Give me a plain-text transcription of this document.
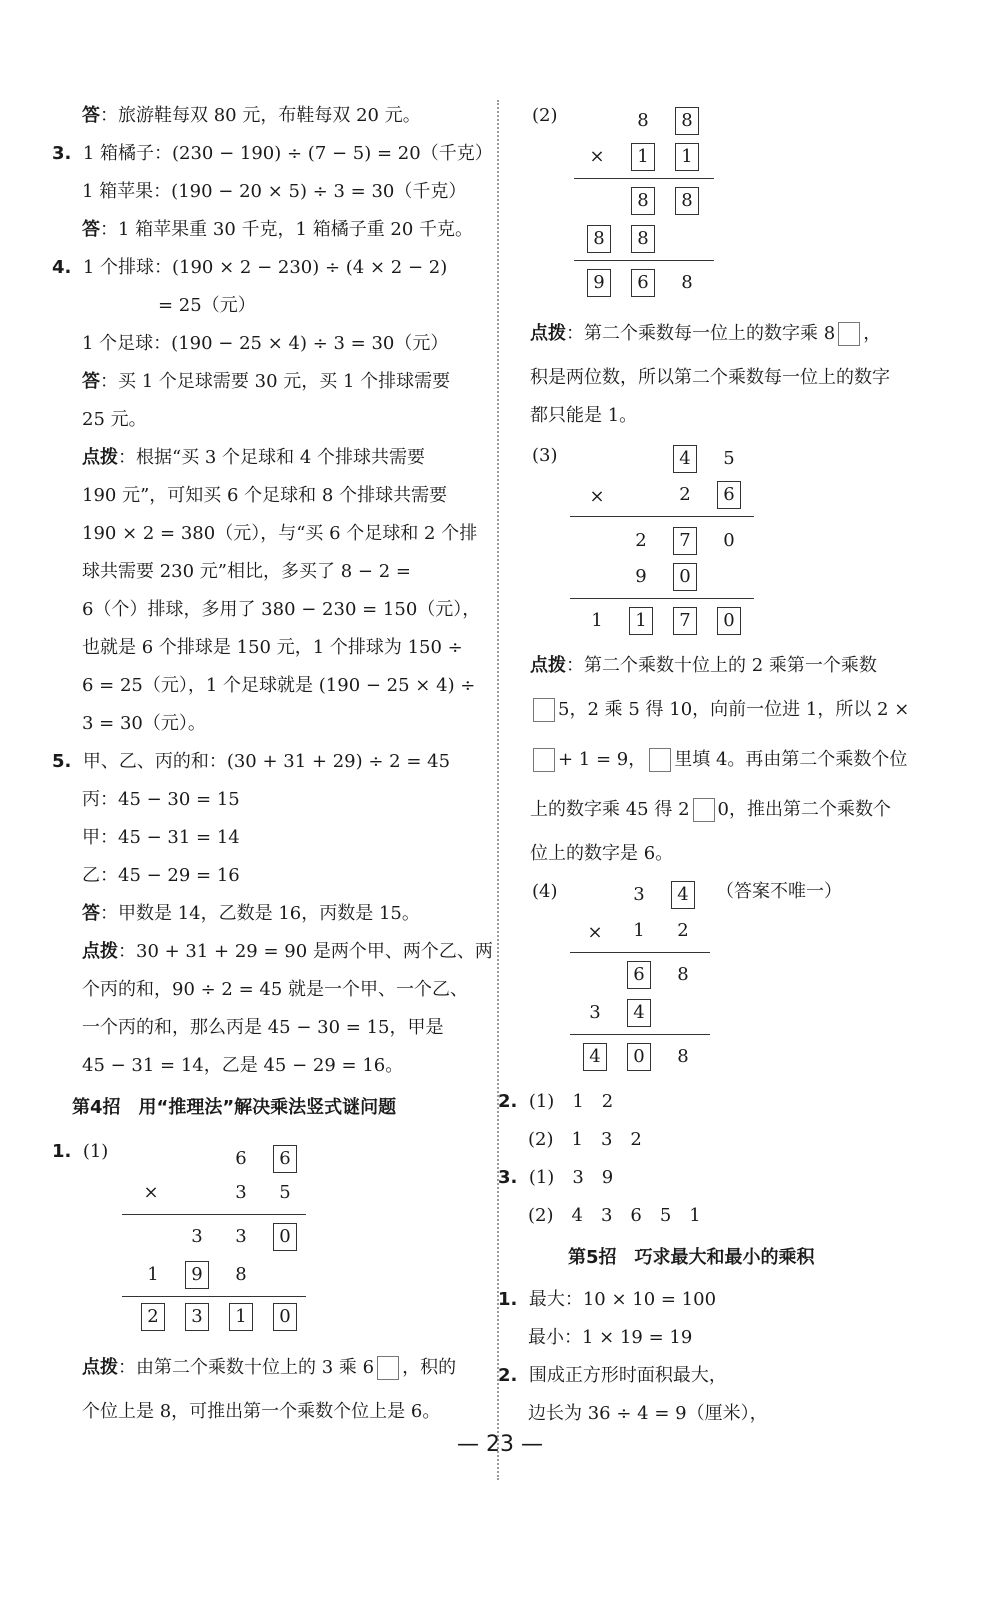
答：旅游鞋每双 80 元，布鞋每双 20 元。
3. 1 箱橘子：(230 − 190) ÷ (7 − 5) = 20（千克）
1 箱苹果：(190 − 20 × 5) ÷ 3 = 30（千克）
答：1 箱苹果重 30 千克，1 箱橘子重 20 千克。
4. 1 个排球：(190 × 2 − 230) ÷ (4 × 2 − 2)
= 25（元）
1 个足球：(190 − 25 × 4) ÷ 3 = 30（元）
答：买 1 个足球需要 30 元，买 1 个排球需要
25 元。
点拨：根据“买 3 个足球和 4 个排球共需要
190 元”，可知买 6 个足球和 8 个排球共需要
190 × 2 = 380（元），与“买 6 个足球和 2 个排
球共需要 230 元”相比，多买了 8 − 2 =
6（个）排球，多用了 380 − 230 = 150（元），
也就是 6 个排球是 150 元，1 个排球为 150 ÷
6 = 25（元），1 个足球就是 (190 − 25 × 4) ÷
3 = 30（元）。
5. 甲、乙、丙的和：(30 + 31 + 29) ÷ 2 = 45
丙：45 − 30 = 15
甲：45 − 31 = 14
乙：45 − 29 = 16
答：甲数是 14，乙数是 16，丙数是 15。
点拨：30 + 31 + 29 = 90 是两个甲、两个乙、两
个丙的和，90 ÷ 2 = 45 就是一个甲、一个乙、
一个丙的和，那么丙是 45 − 30 = 15，甲是
45 − 31 = 14，乙是 45 − 29 = 16。
第4招　用“推理法”解决乘法竖式谜问题
1. (1)	6	6
×	3	5
3	3	0
1	9	8
2	3	1	0
点拨：由第二个乘数十位上的 3 乘 6 ，积的
个位上是 8，可推出第一个乘数个位上是 6。
(2)	8	8
×	1	1
8	8
8	8
9	6	8
点拨：第二个乘数每一位上的数字乘 8 ，
积是两位数，所以第二个乘数每一位上的数字
都只能是 1。
(3)	4	5
×	2	6
2	7	0
9	0
1	1	7	0
点拨：第二个乘数十位上的 2 乘第一个乘数
5，2 乘 5 得 10，向前一位进 1，所以 2 ×
+ 1 = 9， 里填 4。再由第二个乘数个位
上的数字乘 45 得 2 0，推出第二个乘数个
位上的数字是 6。
(4)	（答案不唯一）
3	4
×	1	2
6	8
3	4
4	0	8
2. (1)　1　2
(2)　1　3　2
3. (1)　3　9
(2)　4　3　6　5　1
第5招　巧求最大和最小的乘积
1. 最大：10 × 10 = 100
最小：1 × 19 = 19
2. 围成正方形时面积最大，
边长为 36 ÷ 4 = 9（厘米），
— 23 —
